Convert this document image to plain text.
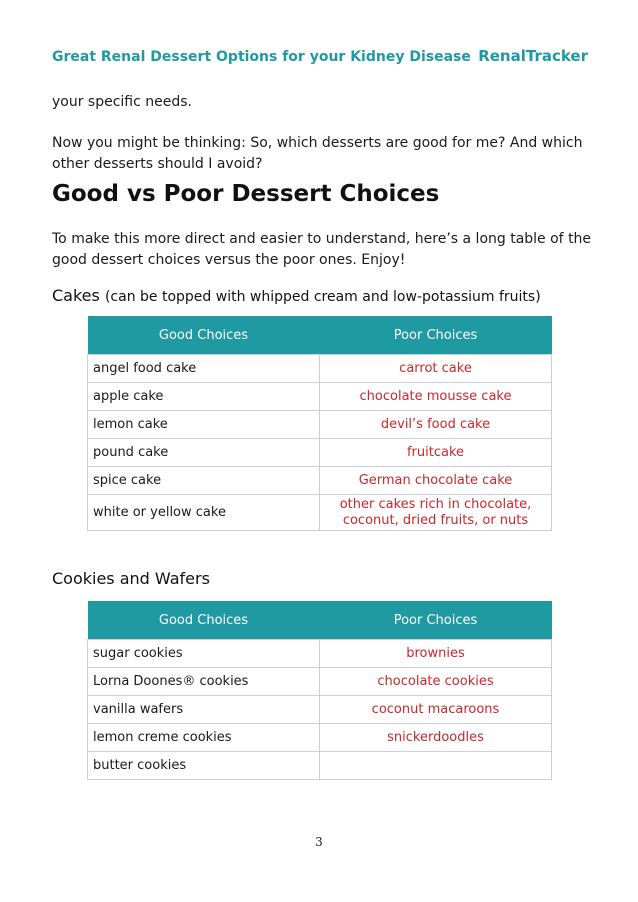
Great Renal Dessert Options for your Kidney Disease RenalTracker

your specific needs.

Now you might be thinking: So, which desserts are good for me? And which other desserts should I avoid?

Good vs Poor Dessert Choices

To make this more direct and easier to understand, here’s a long table of the good dessert choices versus the poor ones. Enjoy!

Cakes (can be topped with whipped cream and low-potassium fruits)
Good Choices	Poor Choices
angel food cake	carrot cake
apple cake	chocolate mousse cake
lemon cake	devil’s food cake
pound cake	fruitcake
spice cake	German chocolate cake
white or yellow cake	other cakes rich in chocolate, coconut, dried fruits, or nuts
Cookies and Wafers
Good Choices	Poor Choices
sugar cookies	brownies
Lorna Doones® cookies	chocolate cookies
vanilla wafers	coconut macaroons
lemon creme cookies	snickerdoodles
butter cookies	
3
